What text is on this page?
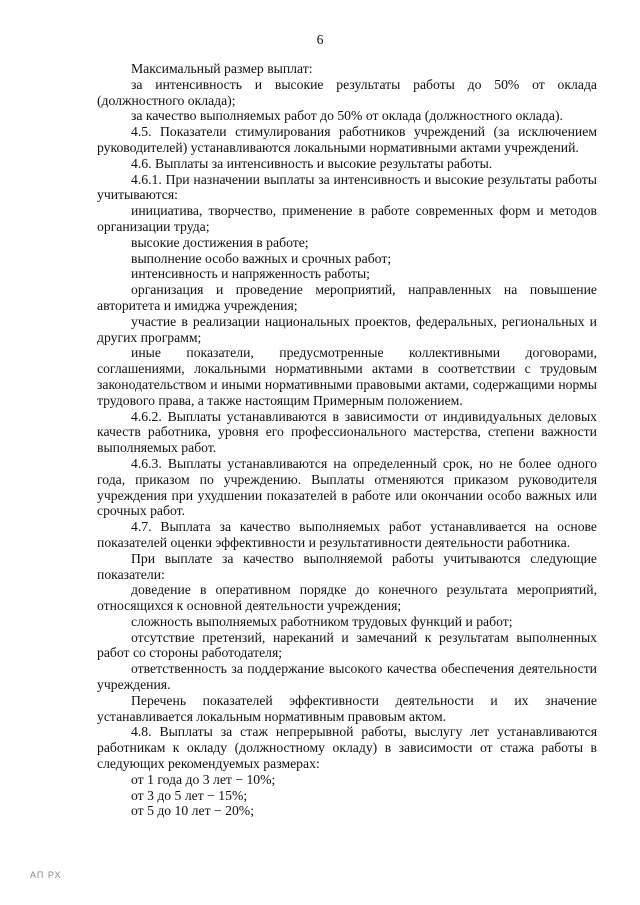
6

Максимальный размер выплат:

за интенсивность и высокие результаты работы до 50% от оклада (должностного оклада);

за качество выполняемых работ до 50% от оклада (должностного оклада).

4.5. Показатели стимулирования работников учреждений (за исключением руководителей) устанавливаются локальными нормативными актами учреждений.

4.6. Выплаты за интенсивность и высокие результаты работы.

4.6.1. При назначении выплаты за интенсивность и высокие результаты работы учитываются:

инициатива, творчество, применение в работе современных форм и методов организации труда;

высокие достижения в работе;

выполнение особо важных и срочных работ;

интенсивность и напряженность работы;

организация и проведение мероприятий, направленных на повышение авторитета и имиджа учреждения;

участие в реализации национальных проектов, федеральных, региональных и других программ;

иные показатели, предусмотренные коллективными договорами, соглашениями, локальными нормативными актами в соответствии с трудовым законодательством и иными нормативными правовыми актами, содержащими нормы трудового права, а также настоящим Примерным положением.

4.6.2. Выплаты устанавливаются в зависимости от индивидуальных деловых качеств работника, уровня его профессионального мастерства, степени важности выполняемых работ.

4.6.3. Выплаты устанавливаются на определенный срок, но не более одного года, приказом по учреждению. Выплаты отменяются приказом руководителя учреждения при ухудшении показателей в работе или окончании особо важных или срочных работ.

4.7. Выплата за качество выполняемых работ устанавливается на основе показателей оценки эффективности и результативности деятельности работника.

При выплате за качество выполняемой работы учитываются следующие показатели:

доведение в оперативном порядке до конечного результата мероприятий, относящихся к основной деятельности учреждения;

сложность выполняемых работником трудовых функций и работ;

отсутствие претензий, нареканий и замечаний к результатам выполненных работ со стороны работодателя;

ответственность за поддержание высокого качества обеспечения деятельности учреждения.

Перечень показателей эффективности деятельности и их значение устанавливается локальным нормативным правовым актом.

4.8. Выплаты за стаж непрерывной работы, выслугу лет устанавливаются работникам к окладу (должностному окладу) в зависимости от стажа работы в следующих рекомендуемых размерах:

от 1 года до 3 лет − 10%;

от 3 до 5 лет − 15%;

от 5 до 10 лет − 20%;

АП РХ
